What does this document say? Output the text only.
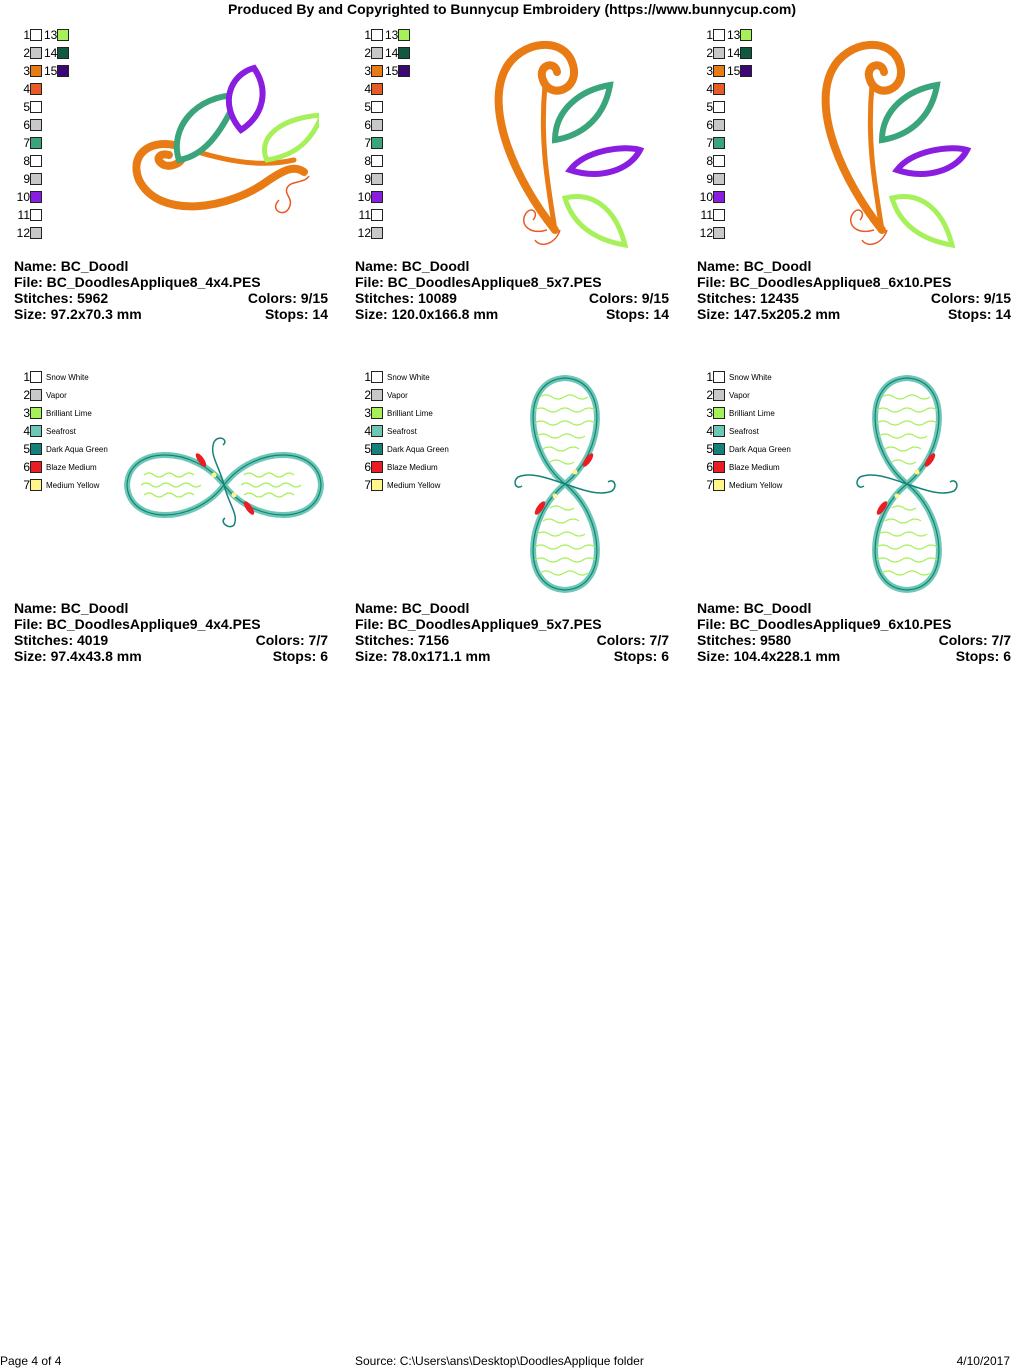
Produced By and Copyrighted to Bunnycup Embroidery (https://www.bunnycup.com)
1
2
3
4
5
6
7
8
9
10
11
12
13
14
15
Name: BC_Doodl
File: BC_DoodlesApplique8_4x4.PES
Stitches: 5962	Colors: 9/15
Size: 97.2x70.3 mm	Stops: 14
1
2
3
4
5
6
7
8
9
10
11
12
13
14
15
Name: BC_Doodl
File: BC_DoodlesApplique8_5x7.PES
Stitches: 10089	Colors: 9/15
Size: 120.0x166.8 mm	Stops: 14
1
2
3
4
5
6
7
8
9
10
11
12
13
14
15
Name: BC_Doodl
File: BC_DoodlesApplique8_6x10.PES
Stitches: 12435	Colors: 9/15
Size: 147.5x205.2 mm	Stops: 14
1 Snow White
2 Vapor
3 Brilliant Lime
4 Seafrost
5 Dark Aqua Green
6 Blaze Medium
7 Medium Yellow
Name: BC_Doodl
File: BC_DoodlesApplique9_4x4.PES
Stitches: 4019	Colors: 7/7
Size: 97.4x43.8 mm	Stops: 6
1 Snow White
2 Vapor
3 Brilliant Lime
4 Seafrost
5 Dark Aqua Green
6 Blaze Medium
7 Medium Yellow
Name: BC_Doodl
File: BC_DoodlesApplique9_5x7.PES
Stitches: 7156	Colors: 7/7
Size: 78.0x171.1 mm	Stops: 6
1 Snow White
2 Vapor
3 Brilliant Lime
4 Seafrost
5 Dark Aqua Green
6 Blaze Medium
7 Medium Yellow
Name: BC_Doodl
File: BC_DoodlesApplique9_6x10.PES
Stitches: 9580	Colors: 7/7
Size: 104.4x228.1 mm	Stops: 6
Page 4 of 4	Source: C:\Users\ans\Desktop\DoodlesApplique folder	4/10/2017
